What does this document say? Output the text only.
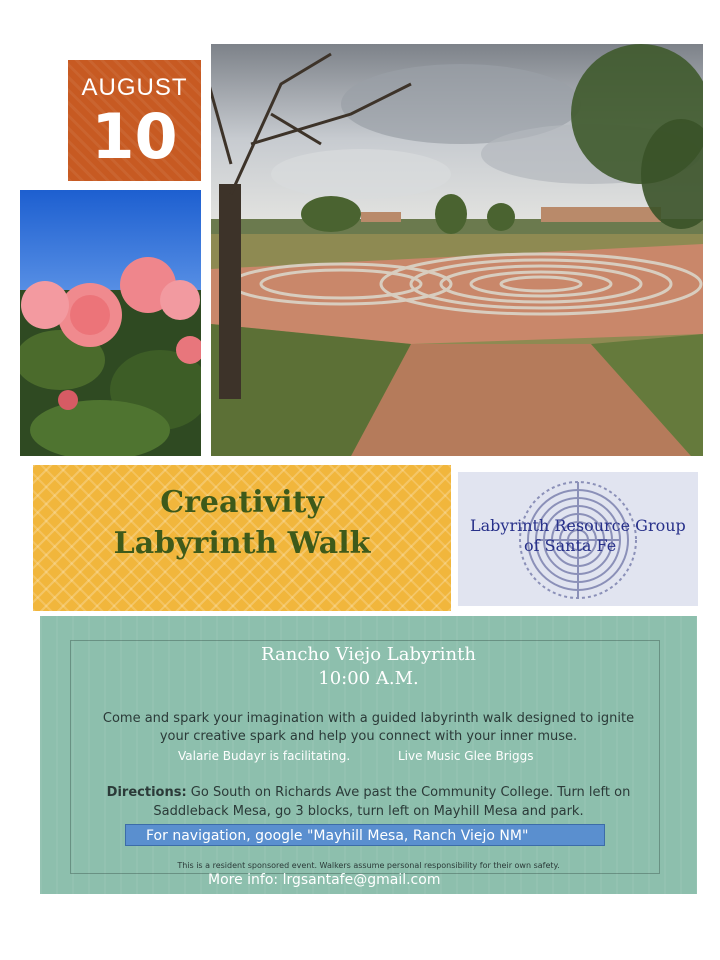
AUGUST
10
Creativity
Labyrinth Walk
Labyrinth Resource Group
of Santa Fe
Rancho Viejo Labyrinth
10:00 A.M.
Come and spark your imagination with a guided labyrinth walk designed to ignite
your creative spark and help you connect with your inner muse.
Valarie Budayr is facilitating.	Live Music Glee Briggs
Directions: Go South on Richards Ave past the Community College. Turn left on
Saddleback Mesa, go 3 blocks, turn left on Mayhill Mesa and park.
For navigation, google "Mayhill Mesa, Ranch Viejo NM"
This is a resident sponsored event. Walkers assume personal responsibility for their own safety.
More info: lrgsantafe@gmail.com
